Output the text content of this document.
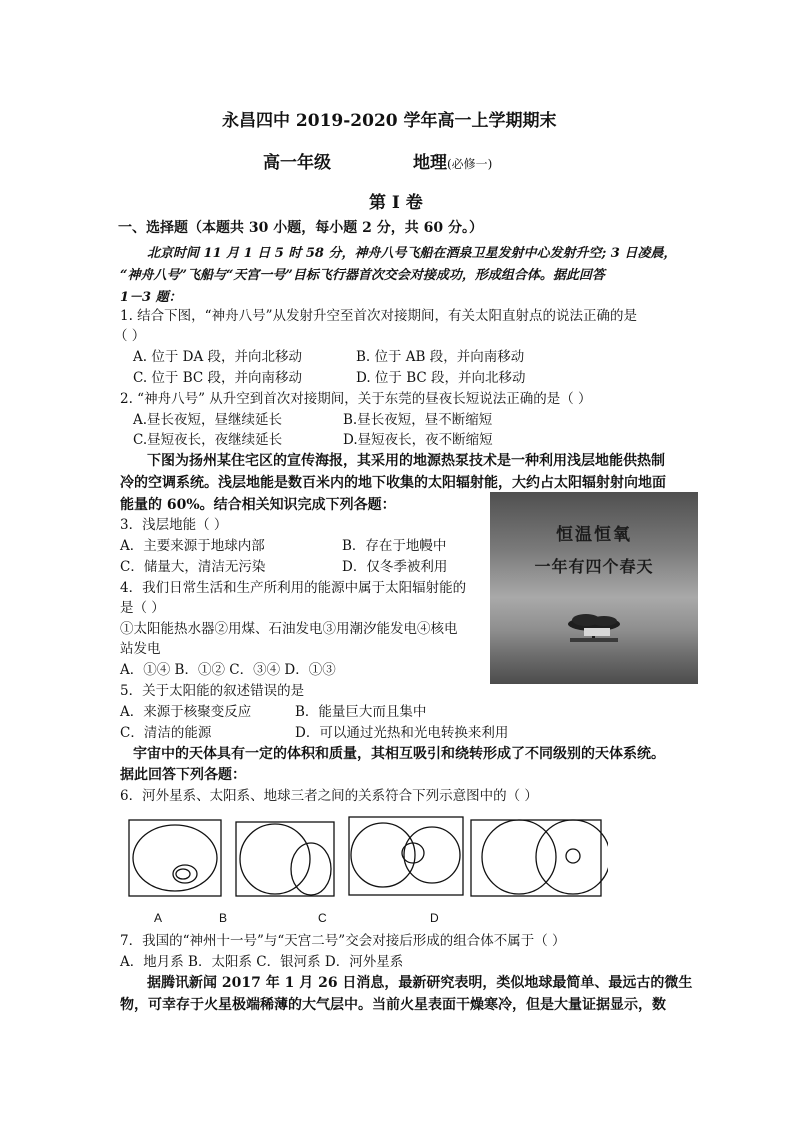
永昌四中 2019-2020 学年高一上学期期末
高一年级	地理(必修一)
第 I 卷
一、选择题（本题共 30 小题，每小题 2 分，共 60 分。）
北京时间 11 月 1 日 5 时 58 分，神舟八号飞船在酒泉卫星发射中心发射升空; 3 日凌晨，
“神舟八号”飞船与“天宫一号”目标飞行器首次交会对接成功，形成组合体。据此回答
1－3 题：
1. 结合下图，“神舟八号”从发射升空至首次对接期间，有关太阳直射点的说法正确的是
（ ）
A. 位于 DA 段，并向北移动	B. 位于 AB 段，并向南移动
C. 位于 BC 段，并向南移动	D. 位于 BC 段，并向北移动
2. “神舟八号” 从升空到首次对接期间，关于东莞的昼夜长短说法正确的是（ ）
A.昼长夜短，昼继续延长	B.昼长夜短，昼不断缩短
C.昼短夜长，夜继续延长	D.昼短夜长，夜不断缩短
下图为扬州某住宅区的宣传海报，其采用的地源热泵技术是一种利用浅层地能供热制
冷的空调系统。浅层地能是数百米内的地下收集的太阳辐射能，大约占太阳辐射射向地面
能量的 60%。结合相关知识完成下列各题：
恒温恒氧
一年有四个春天
3．浅层地能（ ）
A．主要来源于地球内部	B．存在于地幔中
C．储量大，清洁无污染	D．仅冬季被利用
4．我们日常生活和生产所利用的能源中属于太阳辐射能的
是（ ）
①太阳能热水器②用煤、石油发电③用潮汐能发电④核电
站发电
A．①④ B．①② C．③④ D．①③
5．关于太阳能的叙述错误的是
A．来源于核聚变反应	B．能量巨大而且集中
C．清洁的能源	D．可以通过光热和光电转换来利用
宇宙中的天体具有一定的体积和质量，其相互吸引和绕转形成了不同级别的天体系统。
据此回答下列各题：
6．河外星系、太阳系、地球三者之间的关系符合下列示意图中的（ ）
A	B	C	D
7．我国的“神州十一号”与“天宫二号”交会对接后形成的组合体不属于（ ）
A．地月系 B．太阳系 C．银河系 D．河外星系
据腾讯新闻 2017 年 1 月 26 日消息，最新研究表明，类似地球最简单、最远古的微生
物，可幸存于火星极端稀薄的大气层中。当前火星表面干燥寒冷，但是大量证据显示，数
